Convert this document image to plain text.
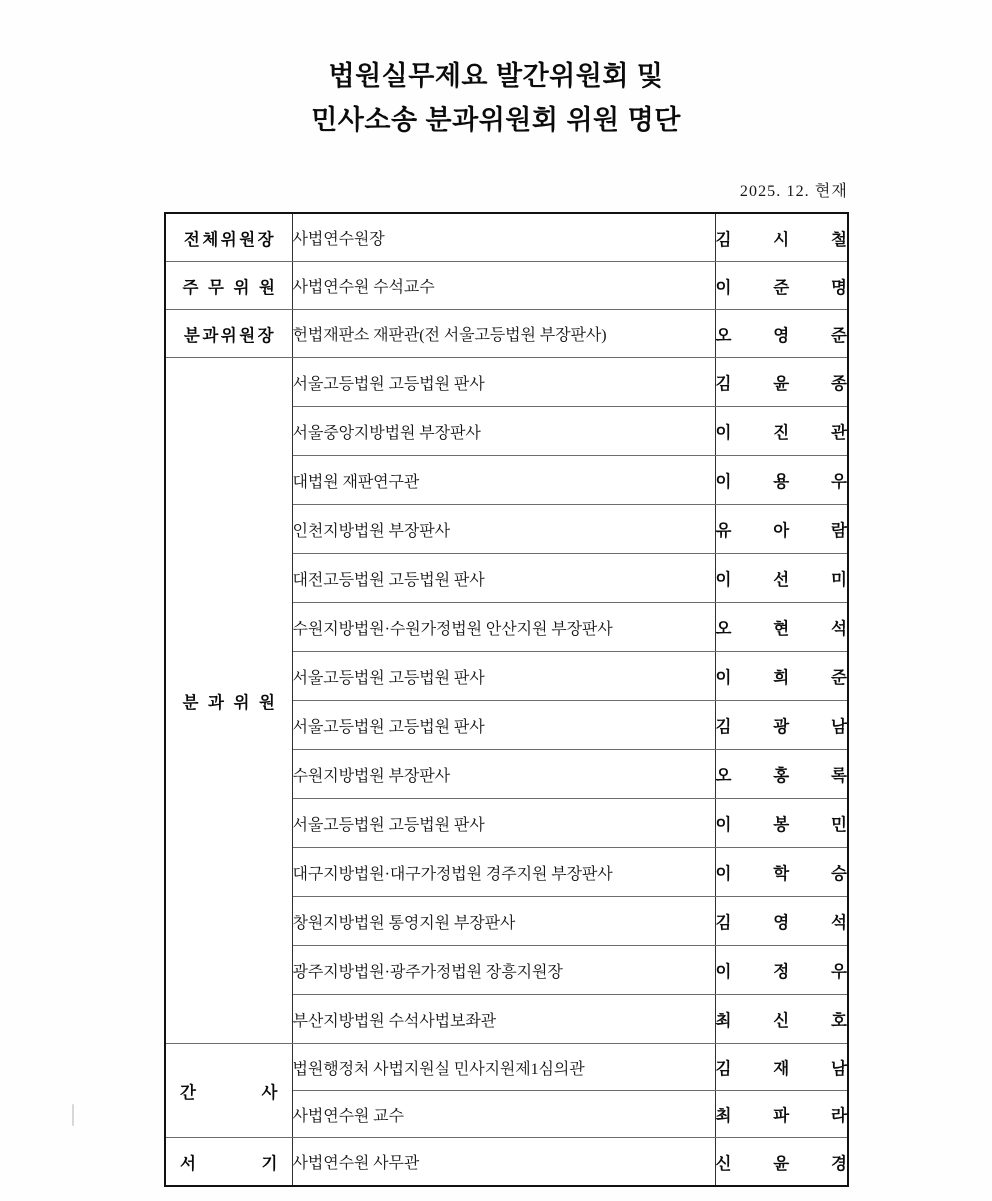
법원실무제요 발간위원회 및
민사소송 분과위원회 위원 명단
2025. 12. 현재
전체위원장	사법연수원장	김 시 철

주 무 위 원	사법연수원 수석교수	이 준 명

분과위원장	헌법재판소 재판관(전 서울고등법원 부장판사)	오 영 준

분 과 위 원	서울고등법원 고등법원 판사	김 윤 종

	서울중앙지방법원 부장판사	이 진 관

	대법원 재판연구관	이 용 우

	인천지방법원 부장판사	유 아 람

	대전고등법원 고등법원 판사	이 선 미

	수원지방법원·수원가정법원 안산지원 부장판사	오 현 석

	서울고등법원 고등법원 판사	이 희 준

	서울고등법원 고등법원 판사	김 광 남

	수원지방법원 부장판사	오 홍 록

	서울고등법원 고등법원 판사	이 봉 민

	대구지방법원·대구가정법원 경주지원 부장판사	이 학 승

	창원지방법원 통영지원 부장판사	김 영 석

	광주지방법원·광주가정법원 장흥지원장	이 정 우

	부산지방법원 수석사법보좌관	최 신 호

간 사	법원행정처 사법지원실 민사지원제1심의관	김 재 남

	사법연수원 교수	최 파 라

서 기	사법연수원 사무관	신 윤 경
